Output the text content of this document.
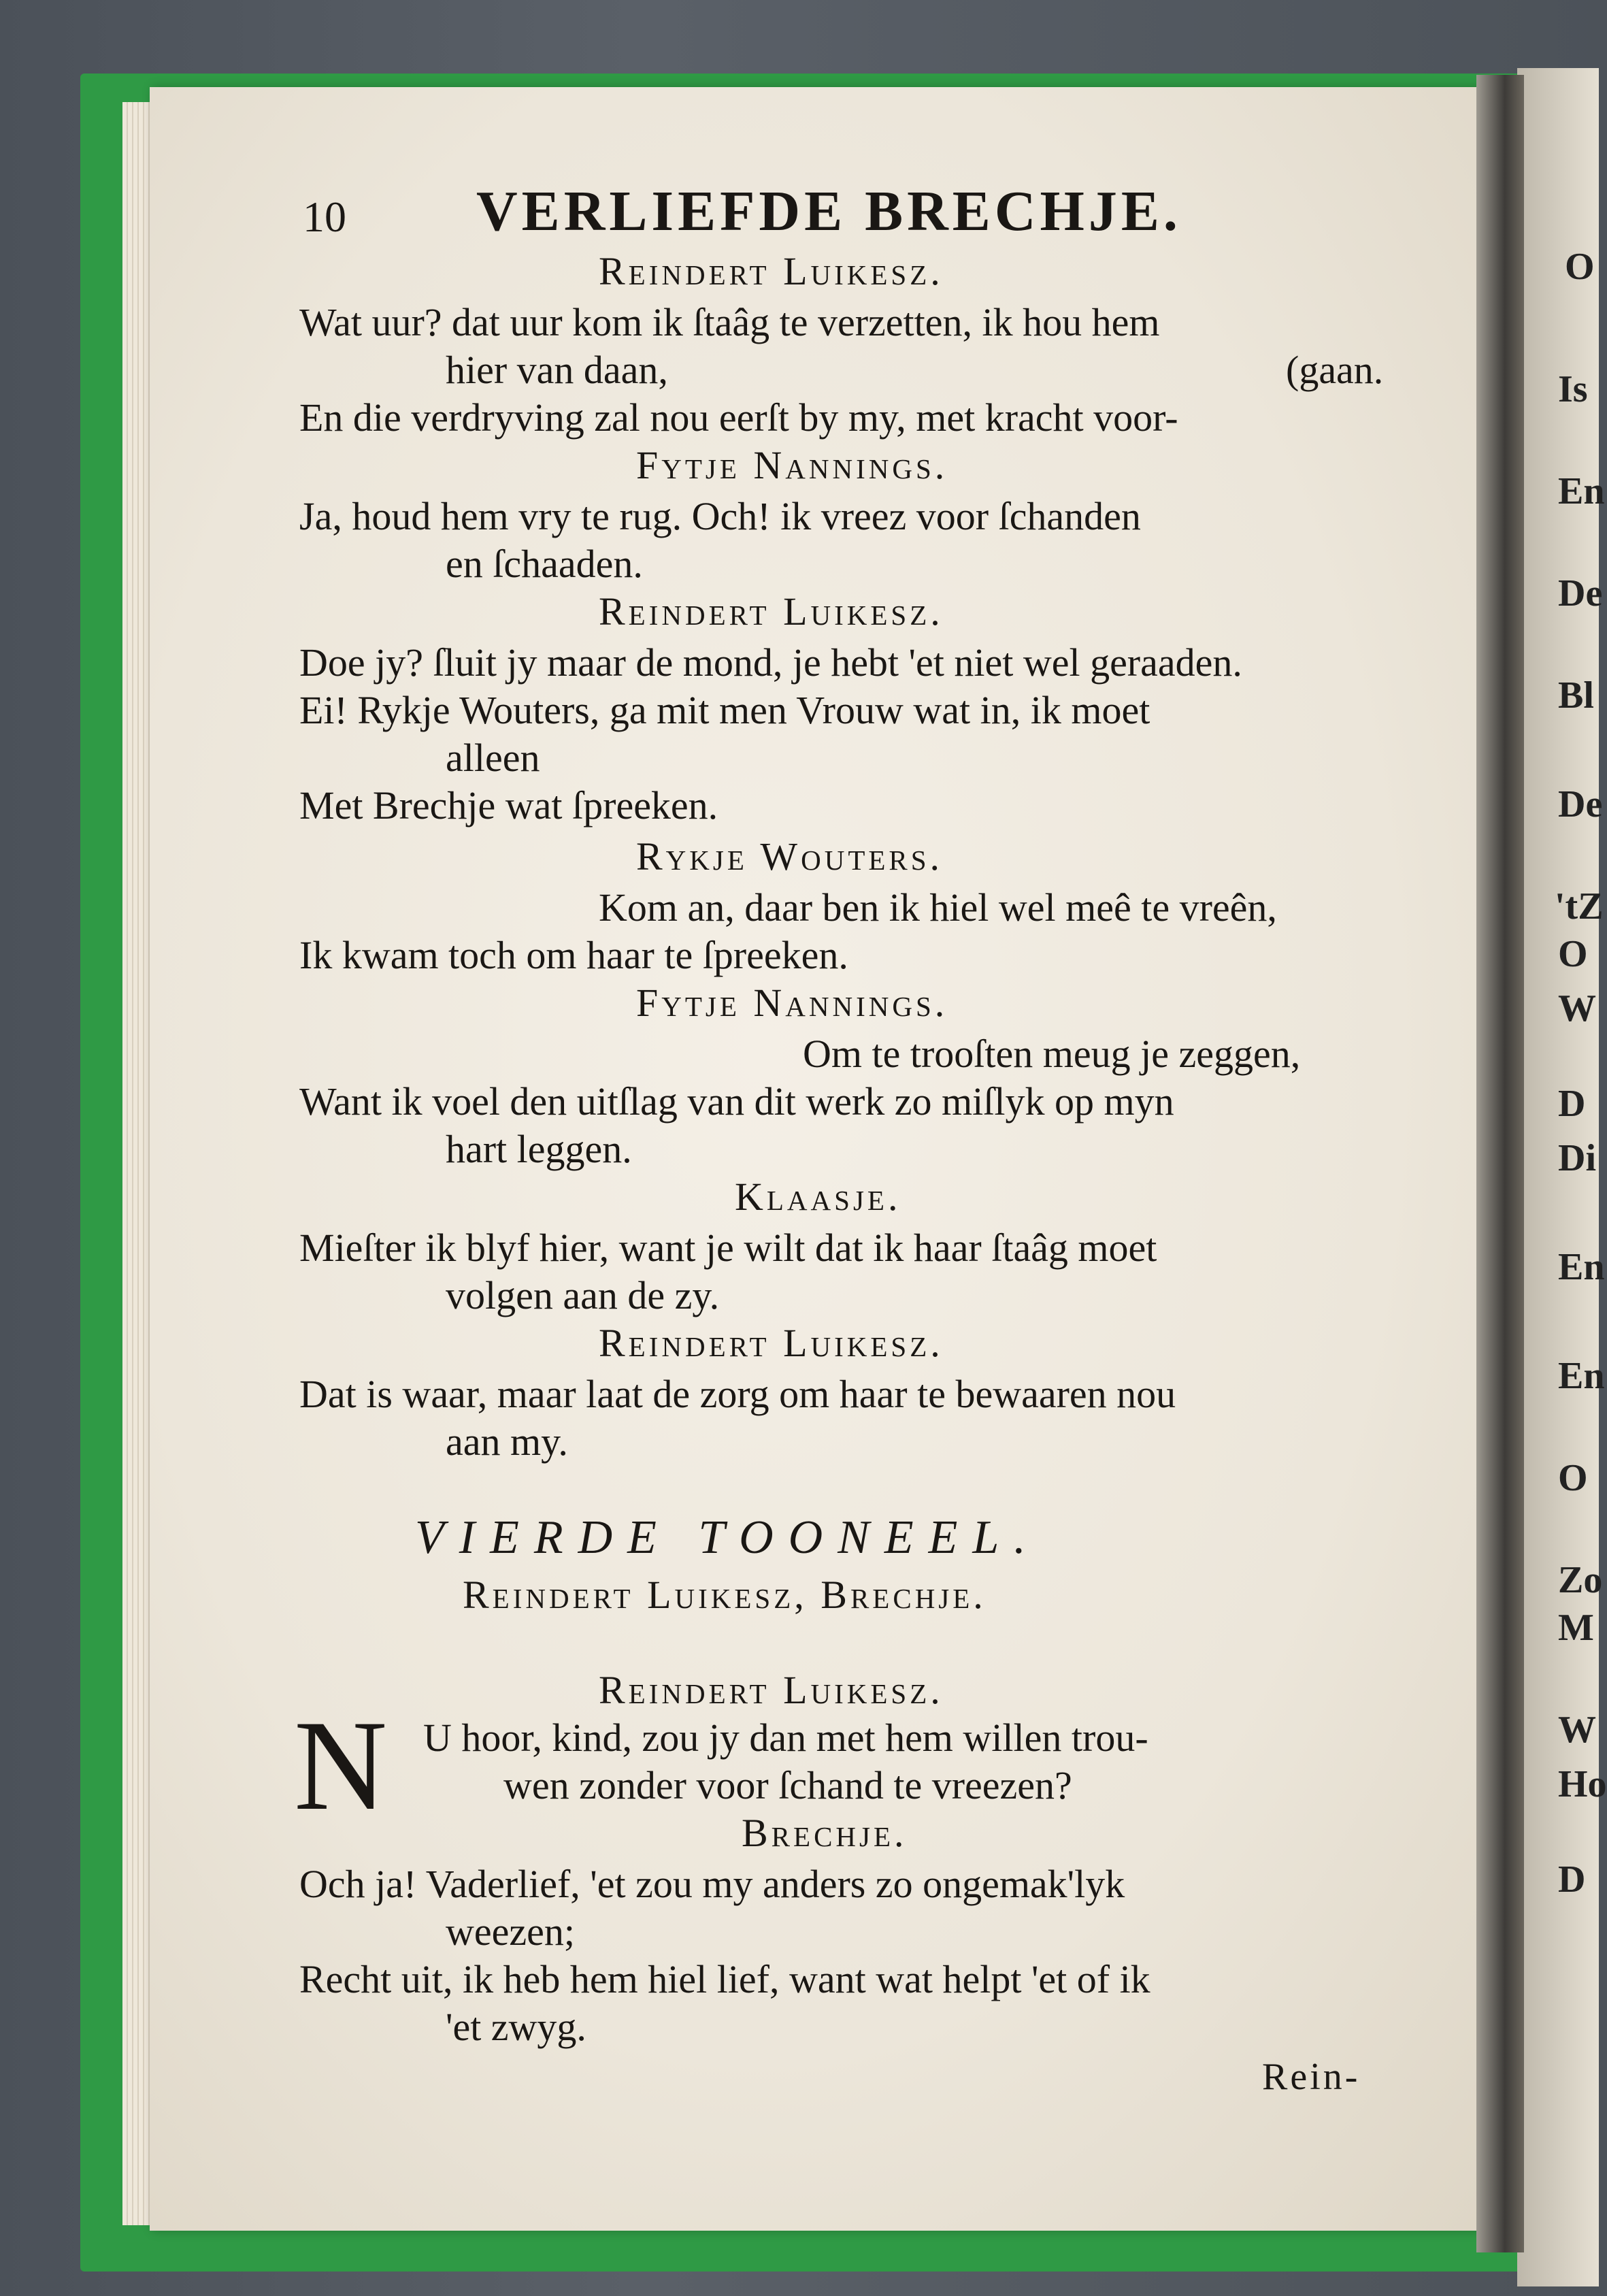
O
Is
En
De
Bl
De
'tZ
O
W
D
Di
En
En
O
Zo
M
W
Ho
D
10 VERLIEFDE BRECHJE.
Reindert Luikesz.
Wat uur? dat uur kom ik ſtaâg te verzetten, ik hou hem
hier van daan,	(gaan.
En die verdryving zal nou eerſt by my, met kracht voor-
Fytje Nannings.
Ja, houd hem vry te rug. Och! ik vreez voor ſchanden
en ſchaaden.
Reindert Luikesz.
Doe jy? ſluit jy maar de mond, je hebt 'et niet wel geraaden.
Ei! Rykje Wouters, ga mit men Vrouw wat in, ik moet
alleen
Met Brechje wat ſpreeken.
Rykje Wouters.
Kom an, daar ben ik hiel wel meê te vreên,
Ik kwam toch om haar te ſpreeken.
Fytje Nannings.
Om te trooſten meug je zeggen,
Want ik voel den uitſlag van dit werk zo miſlyk op myn
hart leggen.
Klaasje.
Mieſter ik blyf hier, want je wilt dat ik haar ſtaâg moet
volgen aan de zy.
Reindert Luikesz.
Dat is waar, maar laat de zorg om haar te bewaaren nou
aan my.
VIERDE TOONEEL.
Reindert Luikesz, Brechje.
Reindert Luikesz.
N U hoor, kind, zou jy dan met hem willen trou-
wen zonder voor ſchand te vreezen?
Brechje.
Och ja! Vaderlief, 'et zou my anders zo ongemak'lyk
weezen;
Recht uit, ik heb hem hiel lief, want wat helpt 'et of ik
'et zwyg.
Rein-
